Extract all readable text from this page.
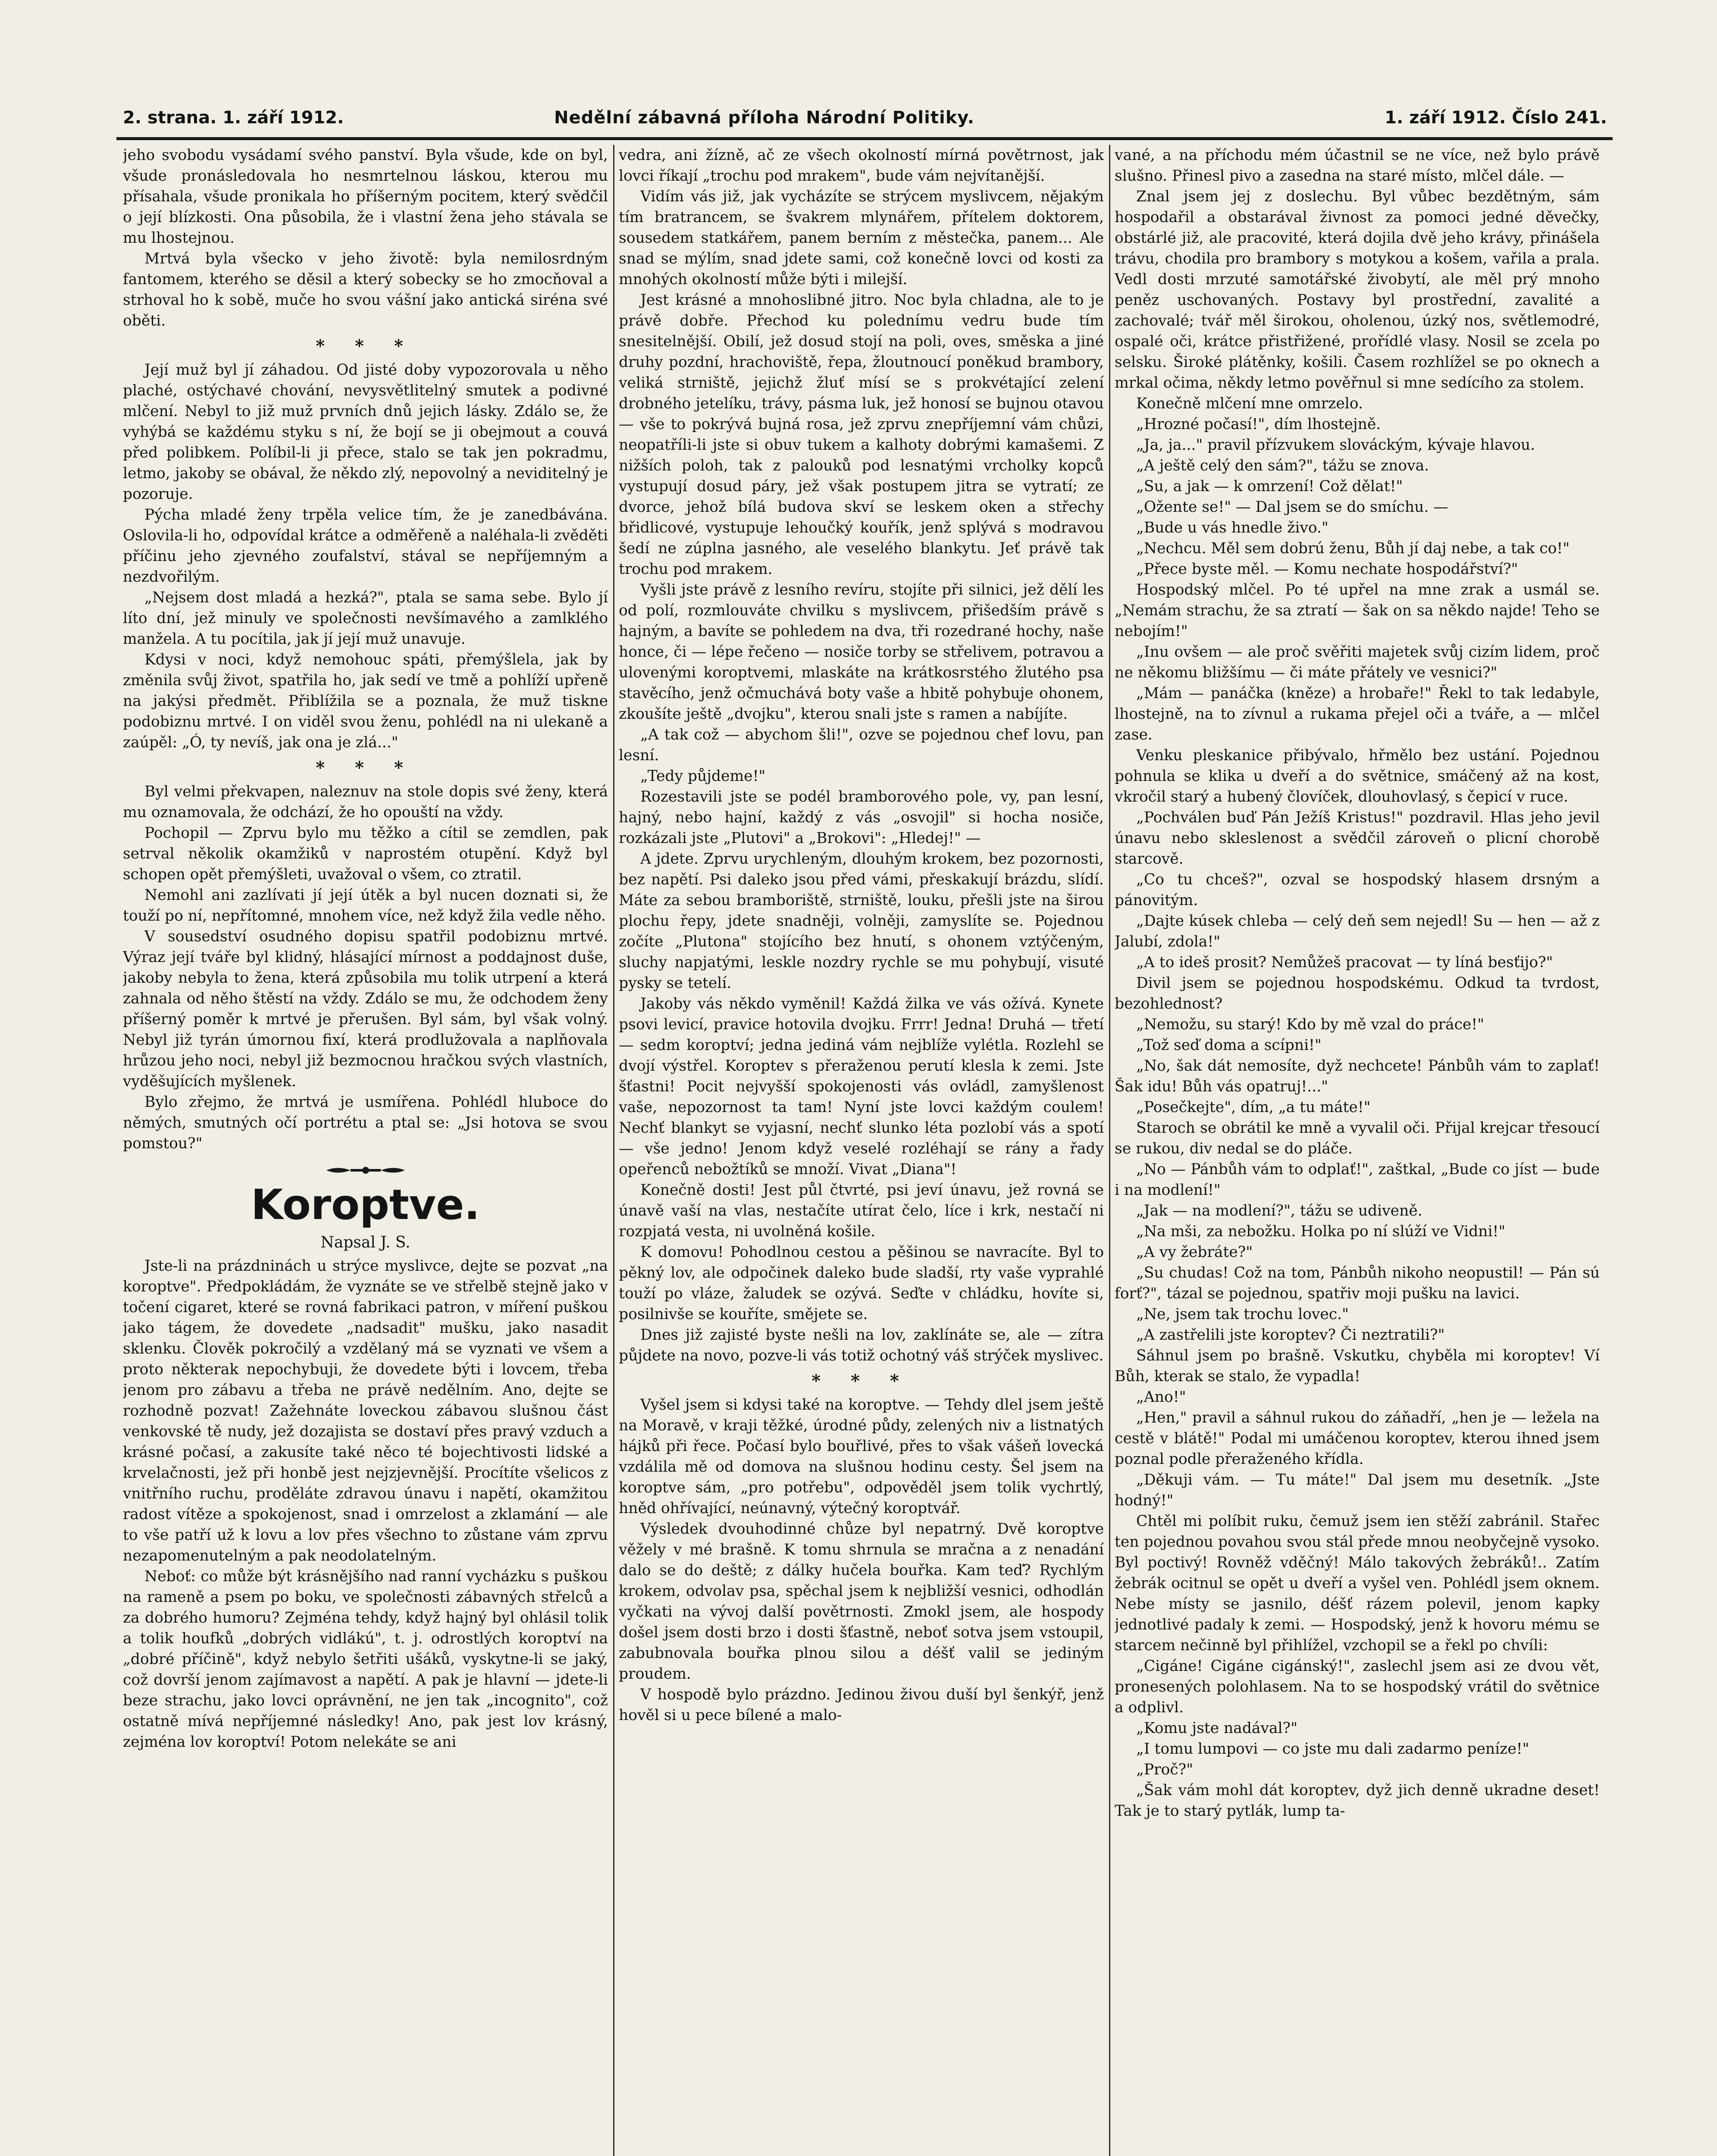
2. strana. 1. září 1912.	Nedělní zábavná příloha Národní Politiky.	1. září 1912. Číslo 241.

jeho svobodu vysádamí svého panství. Byla všude, kde on byl, všude pronásledovala ho nesmrtelnou láskou, kterou mu přísahala, všude pronikala ho příšerným pocitem, který svědčil o její blízkosti. Ona působila, že i vlastní žena jeho stávala se mu lhostejnou.

Mrtvá byla všecko v jeho životě: byla nemilosrdným fantomem, kterého se děsil a který sobecky se ho zmocňoval a strhoval ho k sobě, muče ho svou vášní jako antická siréna své oběti.

* * *

Její muž byl jí záhadou. Od jisté doby vypozorovala u něho plaché, ostýchavé chování, nevysvětlitelný smutek a podivné mlčení. Nebyl to již muž prvních dnů jejich lásky. Zdálo se, že vyhýbá se každému styku s ní, že bojí se ji obejmout a couvá před polibkem. Políbil-li ji přece, stalo se tak jen pokradmu, letmo, jakoby se obával, že někdo zlý, nepovolný a neviditelný je pozoruje.

Pýcha mladé ženy trpěla velice tím, že je zanedbávána. Oslovila-li ho, odpovídal krátce a odměřeně a naléhala-li zvěděti příčinu jeho zjevného zoufalství, stával se nepříjemným a nezdvořilým.

„Nejsem dost mladá a hezká?", ptala se sama sebe. Bylo jí líto dní, jež minuly ve společnosti nevšímavého a zamlklého manžela. A tu pocítila, jak jí její muž unavuje.

Kdysi v noci, když nemohouc spáti, přemýšlela, jak by změnila svůj život, spatřila ho, jak sedí ve tmě a pohlíží upřeně na jakýsi předmět. Přiblížila se a poznala, že muž tiskne podobiznu mrtvé. I on viděl svou ženu, pohlédl na ni ulekaně a zaúpěl: „Ó, ty nevíš, jak ona je zlá..."

* * *

Byl velmi překvapen, naleznuv na stole dopis své ženy, která mu oznamovala, že odchází, že ho opouští na vždy.

Pochopil — Zprvu bylo mu těžko a cítil se zemdlen, pak setrval několik okamžiků v naprostém otupění. Když byl schopen opět přemýšleti, uvažoval o všem, co ztratil.

Nemohl ani zazlívati jí její útěk a byl nucen doznati si, že touží po ní, nepřítomné, mnohem více, než když žila vedle něho.

V sousedství osudného dopisu spatřil podobiznu mrtvé. Výraz její tváře byl klidný, hlásající mírnost a poddajnost duše, jakoby nebyla to žena, která způsobila mu tolik utrpení a která zahnala od něho štěstí na vždy. Zdálo se mu, že odchodem ženy příšerný poměr k mrtvé je přerušen. Byl sám, byl však volný. Nebyl již tyrán úmornou fixí, která prodlužovala a naplňovala hrůzou jeho noci, nebyl již bezmocnou hračkou svých vlastních, vyděšujících myšlenek.

Bylo zřejmo, že mrtvá je usmířena. Pohlédl hluboce do němých, smutných očí portrétu a ptal se: „Jsi hotova se svou pomstou?"

Koroptve.
Napsal J. S.

Jste-li na prázdninách u strýce myslivce, dejte se pozvat „na koroptve". Předpokládám, že vyznáte se ve střelbě stejně jako v točení cigaret, které se rovná fabrikaci patron, v míření puškou jako tágem, že dovedete „nadsadit" mušku, jako nasadit sklenku. Člověk pokročilý a vzdělaný má se vyznati ve všem a proto některak nepochybuji, že dovedete býti i lovcem, třeba jenom pro zábavu a třeba ne právě nedělním. Ano, dejte se rozhodně pozvat! Zažehnáte loveckou zábavou slušnou část venkovské tě nudy, jež dozajista se dostaví přes pravý vzduch a krásné počasí, a zakusíte také něco té bojechtivosti lidské a krvelačnosti, jež při honbě jest nejzjevnější. Procítíte všelicos z vnitřního ruchu, proděláte zdravou únavu i napětí, okamžitou radost vítěze a spokojenost, snad i omrzelost a zklamání — ale to vše patří už k lovu a lov přes všechno to zůstane vám zprvu nezapomenutelným a pak neodolatelným.

Neboť: co může být krásnějšího nad ranní vycházku s puškou na rameně a psem po boku, ve společnosti zábavných střelců a za dobrého humoru? Zejména tehdy, když hajný byl ohlásil tolik a tolik houfků „dobrých vidlákú", t. j. odrostlých koroptví na „dobré příčině", když nebylo šetřiti ušáků, vyskytne-li se jaký, což dovrší jenom zajímavost a napětí. A pak je hlavní — jdete-li beze strachu, jako lovci oprávnění, ne jen tak „incognito", což ostatně mívá nepříjemné následky! Ano, pak jest lov krásný, zejména lov koroptví! Potom nelekáte se ani

vedra, ani žízně, ač ze všech okolností mírná povětrnost, jak lovci říkají „trochu pod mrakem", bude vám nejvítanější.

Vidím vás již, jak vycházíte se strýcem myslivcem, nějakým tím bratrancem, se švakrem mlynářem, přítelem doktorem, sousedem statkářem, panem berním z městečka, panem... Ale snad se mýlím, snad jdete sami, což konečně lovci od kosti za mnohých okolností může býti i milejší.

Jest krásné a mnohoslibné jitro. Noc byla chladna, ale to je právě dobře. Přechod ku polednímu vedru bude tím snesitelnější. Obilí, jež dosud stojí na poli, oves, směska a jiné druhy pozdní, hrachoviště, řepa, žloutnoucí poněkud brambory, veliká strniště, jejichž žluť mísí se s prokvétající zelení drobného jetelíku, trávy, pásma luk, jež honosí se bujnou otavou — vše to pokrývá bujná rosa, jež zprvu znepříjemní vám chůzi, neopatříli-li jste si obuv tukem a kalhoty dobrými kamašemi. Z nižších poloh, tak z palouků pod lesnatými vrcholky kopců vystupují dosud páry, jež však postupem jitra se vytratí; ze dvorce, jehož bílá budova skví se leskem oken a střechy břidlicové, vystupuje lehoučký kouřík, jenž splývá s modravou šedí ne zúplna jasného, ale veselého blankytu. Jeť právě tak trochu pod mrakem.

Vyšli jste právě z lesního revíru, stojíte při silnici, jež dělí les od polí, rozmlouváte chvilku s myslivcem, přišedším právě s hajným, a bavíte se pohledem na dva, tři rozedrané hochy, naše honce, či — lépe řečeno — nosiče torby se střelivem, potravou a ulovenými koroptvemi, mlaskáte na krátkosrstého žlutého psa stavěcího, jenž očmuchává boty vaše a hbitě pohybuje ohonem, zkoušíte ještě „dvojku", kterou snali jste s ramen a nabíjíte.

„A tak což — abychom šli!", ozve se pojednou chef lovu, pan lesní.

„Tedy půjdeme!"

Rozestavili jste se podél bramborového pole, vy, pan lesní, hajný, nebo hajní, každý z vás „osvojil" si hocha nosiče, rozkázali jste „Plutovi" a „Brokovi": „Hledej!" —

A jdete. Zprvu urychleným, dlouhým krokem, bez pozornosti, bez napětí. Psi daleko jsou před vámi, přeskakují brázdu, slídí. Máte za sebou bramboriště, strniště, louku, přešli jste na širou plochu řepy, jdete snadněji, volněji, zamyslíte se. Pojednou zočíte „Plutona" stojícího bez hnutí, s ohonem vztýčeným, sluchy napjatými, leskle nozdry rychle se mu pohybují, visuté pysky se tetelí.

Jakoby vás někdo vyměnil! Každá žilka ve vás ožívá. Kynete psovi levicí, pravice hotovila dvojku. Frrr! Jedna! Druhá — třetí — sedm koroptví; jedna jediná vám nejblíže vylétla. Rozlehl se dvojí výstřel. Koroptev s přeraženou perutí klesla k zemi. Jste šťastni! Pocit nejvyšší spokojenosti vás ovládl, zamyšlenost vaše, nepozornost ta tam! Nyní jste lovci každým coulem! Nechť blankyt se vyjasní, nechť slunko léta pozlobí vás a spotí — vše jedno! Jenom když veselé rozléhají se rány a řady opeřenců nebožtíků se množí. Vivat „Diana"!

Konečně dosti! Jest půl čtvrté, psi jeví únavu, jež rovná se únavě vaší na vlas, nestačíte utírat čelo, líce i krk, nestačí ni rozpjatá vesta, ni uvolněná košile.

K domovu! Pohodlnou cestou a pěšinou se navracíte. Byl to pěkný lov, ale odpočinek daleko bude sladší, rty vaše vyprahlé touží po vláze, žaludek se ozývá. Seďte v chládku, hovíte si, posilnivše se kouříte, smějete se.

Dnes již zajisté byste nešli na lov, zaklínáte se, ale — zítra půjdete na novo, pozve-li vás totiž ochotný váš strýček myslivec.

* * *

Vyšel jsem si kdysi také na koroptve. — Tehdy dlel jsem ještě na Moravě, v kraji těžké, úrodné půdy, zelených niv a listnatých hájků při řece. Počasí bylo bouřlivé, přes to však vášeň lovecká vzdálila mě od domova na slušnou hodinu cesty. Šel jsem na koroptve sám, „pro potřebu", odpověděl jsem tolik vychrtlý, hněd ohřívající, neúnavný, výtečný koroptvář.

Výsledek dvouhodinné chůze byl nepatrný. Dvě koroptve věžely v mé brašně. K tomu shrnula se mračna a z nenadání dalo se do deště; z dálky hučela bouřka. Kam teď? Rychlým krokem, odvolav psa, spěchal jsem k nejbližší vesnici, odhodlán vyčkati na vývoj další povětrnosti. Zmokl jsem, ale hospody došel jsem dosti brzo i dosti šťastně, neboť sotva jsem vstoupil, zabubnovala bouřka plnou silou a déšť valil se jediným proudem.

V hospodě bylo prázdno. Jedinou živou duší byl šenkýř, jenž hověl si u pece bílené a malo-

vané, a na příchodu mém účastnil se ne více, než bylo právě slušno. Přinesl pivo a zasedna na staré místo, mlčel dále. —

Znal jsem jej z doslechu. Byl vůbec bezdětným, sám hospodařil a obstarával živnost za pomoci jedné děvečky, obstárlé již, ale pracovité, která dojila dvě jeho krávy, přinášela trávu, chodila pro brambory s motykou a košem, vařila a prala. Vedl dosti mrzuté samotářské živobytí, ale měl prý mnoho peněz uschovaných. Postavy byl prostřední, zavalité a zachovalé; tvář měl širokou, oholenou, úzký nos, světlemodré, ospalé oči, krátce přistřižené, prořídlé vlasy. Nosil se zcela po selsku. Široké plátěnky, košili. Časem rozhlížel se po oknech a mrkal očima, někdy letmo pověřnul si mne sedícího za stolem.

Konečně mlčení mne omrzelo.

„Hrozné počasí!", dím lhostejně.

„Ja, ja..." pravil přízvukem slováckým, kývaje hlavou.

„A ještě celý den sám?", tážu se znova.

„Su, a jak — k omrzení! Což dělat!"

„Ožente se!" — Dal jsem se do smíchu. —

„Bude u vás hnedle živo."

„Nechcu. Měl sem dobrú ženu, Bůh jí daj nebe, a tak co!"

„Přece byste měl. — Komu nechate hospodářství?"

Hospodský mlčel. Po té upřel na mne zrak a usmál se. „Nemám strachu, že sa ztratí — šak on sa někdo najde! Teho se nebojím!"

„Inu ovšem — ale proč svěřiti majetek svůj cizím lidem, proč ne někomu bližšímu — či máte přátely ve vesnici?"

„Mám — panáčka (kněze) a hrobaře!" Řekl to tak ledabyle, lhostejně, na to zívnul a rukama přejel oči a tváře, a — mlčel zase.

Venku pleskanice přibývalo, hřmělo bez ustání. Pojednou pohnula se klika u dveří a do světnice, smáčený až na kost, vkročil starý a hubený človíček, dlouhovlasý, s čepicí v ruce.

„Pochválen buď Pán Ježíš Kristus!" pozdravil. Hlas jeho jevil únavu nebo skleslenost a svědčil zároveň o plicní chorobě starcově.

„Co tu chceš?", ozval se hospodský hlasem drsným a pánovitým.

„Dajte kúsek chleba — celý deň sem nejedl! Su — hen — až z Jalubí, zdola!"

„A to ideš prosit? Nemůžeš pracovat — ty líná besťijo?"

Divil jsem se pojednou hospodskému. Odkud ta tvrdost, bezohlednost?

„Nemožu, su starý! Kdo by mě vzal do práce!"

„Tož seď doma a scípni!"

„No, šak dát nemosíte, dyž nechcete! Pánbůh vám to zaplať! Šak idu! Bůh vás opatruj!..."

„Posečkejte", dím, „a tu máte!"

Staroch se obrátil ke mně a vyvalil oči. Přijal krejcar třesoucí se rukou, div nedal se do pláče.

„No — Pánbůh vám to odplať!", zaštkal, „Bude co jíst — bude i na modlení!"

„Jak — na modlení?", tážu se udiveně.

„Na mši, za nebožku. Holka po ní slúží ve Vidni!"

„A vy žebráte?"

„Su chudas! Což na tom, Pánbůh nikoho neopustil! — Pán sú forť?", tázal se pojednou, spatřiv moji pušku na lavici.

„Ne, jsem tak trochu lovec."

„A zastřelili jste koroptev? Či neztratili?"

Sáhnul jsem po brašně. Vskutku, chyběla mi koroptev! Ví Bůh, kterak se stalo, že vypadla!

„Ano!"

„Hen," pravil a sáhnul rukou do záňadří, „hen je — ležela na cestě v blátě!" Podal mi umáčenou koroptev, kterou ihned jsem poznal podle přeraženého křídla.

„Děkuji vám. — Tu máte!" Dal jsem mu desetník. „Jste hodný!"

Chtěl mi políbit ruku, čemuž jsem ien stěží zabránil. Stařec ten pojednou povahou svou stál přede mnou neobyčejně vysoko. Byl poctivý! Rovněž vděčný! Málo takových žebráků!.. Zatím žebrák ocitnul se opět u dveří a vyšel ven. Pohlédl jsem oknem. Nebe místy se jasnilo, déšť rázem polevil, jenom kapky jednotlivé padaly k zemi. — Hospodský, jenž k hovoru mému se starcem nečinně byl přihlížel, vzchopil se a řekl po chvíli:

„Cigáne! Cigáne cigánský!", zaslechl jsem asi ze dvou vět, pronesených polohlasem. Na to se hospodský vrátil do světnice a odplivl.

„Komu jste nadával?"

„I tomu lumpovi — co jste mu dali zadarmo peníze!"

„Proč?"

„Šak vám mohl dát koroptev, dyž jich denně ukradne deset! Tak je to starý pytlák, lump ta-
